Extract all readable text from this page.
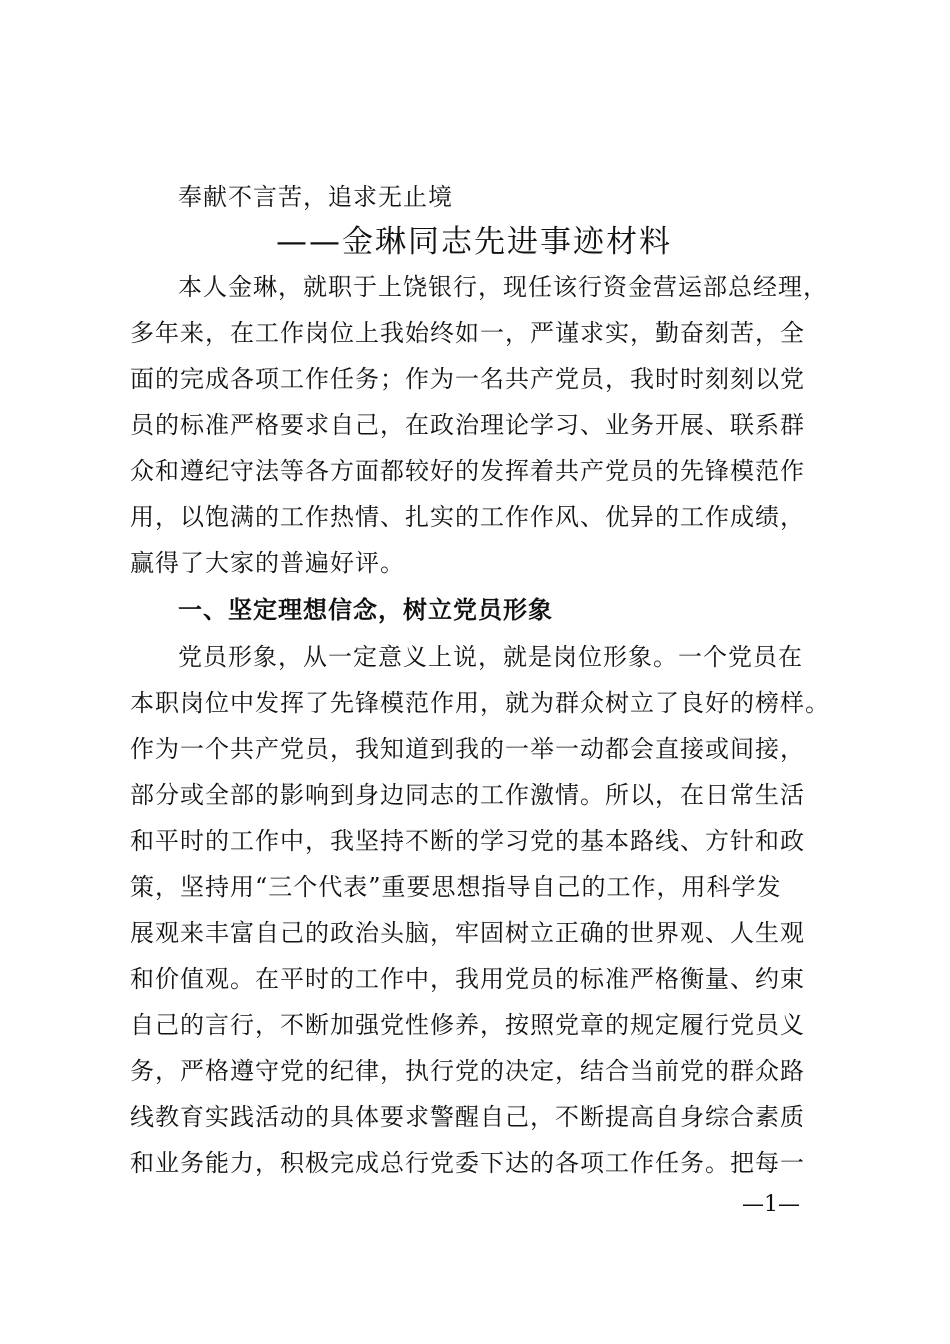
奉献不言苦，追求无止境
——金琳同志先进事迹材料
本人金琳，就职于上饶银行，现任该行资金营运部总经理，
多年来，在工作岗位上我始终如一，严谨求实，勤奋刻苦，全
面的完成各项工作任务；作为一名共产党员，我时时刻刻以党
员的标准严格要求自己，在政治理论学习、业务开展、联系群
众和遵纪守法等各方面都较好的发挥着共产党员的先锋模范作
用，以饱满的工作热情、扎实的工作作风、优异的工作成绩，
赢得了大家的普遍好评。
一、坚定理想信念，树立党员形象
党员形象，从一定意义上说，就是岗位形象。一个党员在
本职岗位中发挥了先锋模范作用，就为群众树立了良好的榜样。
作为一个共产党员，我知道到我的一举一动都会直接或间接，
部分或全部的影响到身边同志的工作激情。所以，在日常生活
和平时的工作中，我坚持不断的学习党的基本路线、方针和政
策，坚持用“三个代表”重要思想指导自己的工作，用科学发
展观来丰富自己的政治头脑，牢固树立正确的世界观、人生观
和价值观。在平时的工作中，我用党员的标准严格衡量、约束
自己的言行，不断加强党性修养，按照党章的规定履行党员义
务，严格遵守党的纪律，执行党的决定，结合当前党的群众路
线教育实践活动的具体要求警醒自己，不断提高自身综合素质
和业务能力，积极完成总行党委下达的各项工作任务。把每一
—1—
